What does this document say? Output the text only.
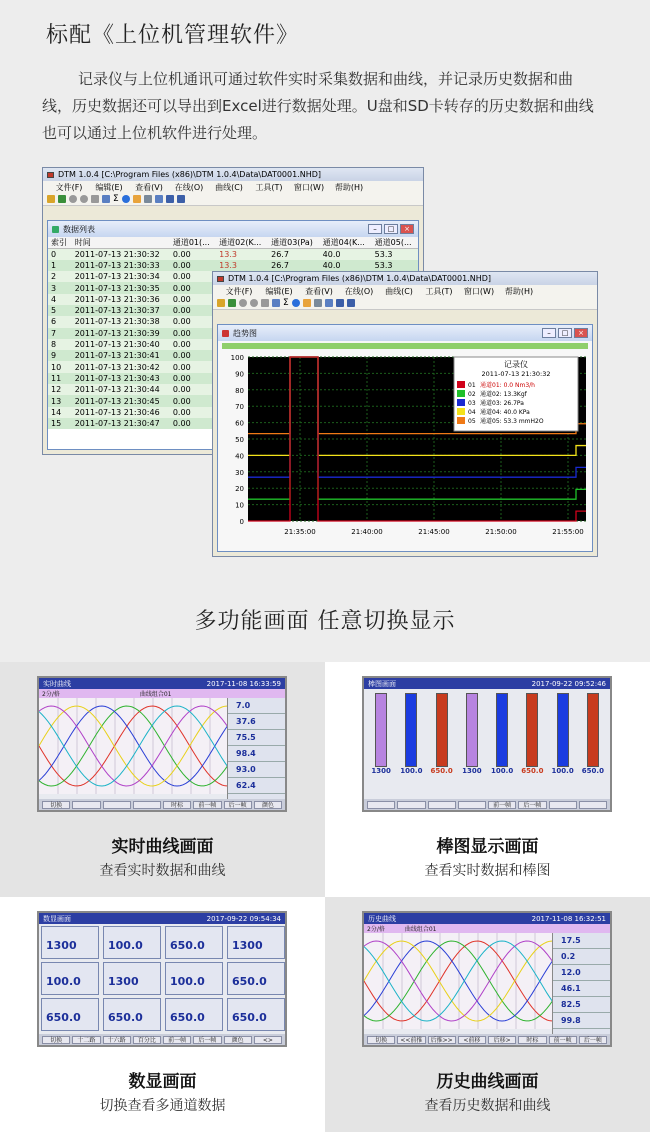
标配《上位机管理软件》
记录仪与上位机通讯可通过软件实时采集数据和曲线，并记录历史数据和曲线，历史数据还可以导出到Excel进行数据处理。U盘和SD卡转存的历史数据和曲线也可以通过上位机软件进行处理。
DTM 1.0.4 [C:\Program Files (x86)\DTM 1.0.4\Data\DAT0001.NHD]
文件(F)	编辑(E)	查看(V)	在线(O)	曲线(C)	工具(T)	窗口(W)	帮助(H)
Σ
数据列表	–	□	×
索引	时间	通道01(...	通道02(K...	通道03(Pa)	通道04(K...	通道05(...
0	2011-07-13 21:30:32	0.00	13.3	26.7	40.0	53.3
1	2011-07-13 21:30:33	0.00	13.3	26.7	40.0	53.3
2	2011-07-13 21:30:34	0.00				
3	2011-07-13 21:30:35	0.00				
4	2011-07-13 21:30:36	0.00				
5	2011-07-13 21:30:37	0.00				
6	2011-07-13 21:30:38	0.00				
7	2011-07-13 21:30:39	0.00				
8	2011-07-13 21:30:40	0.00				
9	2011-07-13 21:30:41	0.00				
10	2011-07-13 21:30:42	0.00				
11	2011-07-13 21:30:43	0.00				
12	2011-07-13 21:30:44	0.00				
13	2011-07-13 21:30:45	0.00				
14	2011-07-13 21:30:46	0.00				
15	2011-07-13 21:30:47	0.00				
DTM 1.0.4 [C:\Program Files (x86)\DTM 1.0.4\Data\DAT0001.NHD]
文件(F)	编辑(E)	查看(V)	在线(O)	曲线(C)	工具(T)	窗口(W)	帮助(H)
Σ
趋势图	–	□	×
0
10
20
30
40
50
60
70
80
90
100
21:35:00	21:40:00	21:45:00	21:50:00	21:55:00
记录仪
2011-07-13 21:30:32
01 通道01: 0.0 Nm3/h
02 通道02: 13.3Kgf
03 通道03: 26.7Pa
04 通道04: 40.0 KPa
05 通道05: 53.3 mmH2O
多功能画面 任意切换显示
实时曲线	2017-11-08 16:33:59
2分/格	曲线组合01
7.0
37.6
75.5
98.4
93.0
62.4
切换	时标	前一帧	后一帧	颜色
实时曲线画面
查看实时数据和曲线
棒图画面	2017-09-22 09:52:46
1300 100.0 650.0 1300 100.0 650.0 100.0 650.0
前一帧	后一帧
棒图显示画面
查看实时数据和棒图
数显画面	2017-09-22 09:54:34
1300	100.0	650.0	1300
100.0	1300	100.0	650.0
650.0	650.0	650.0	650.0
切换	十二路	十六路	百分比	前一帧	后一帧	颜色	<>
数显画面
切换查看多通道数据
历史曲线	2017-11-08 16:32:51
2分/格	曲线组合01
17.5
0.2
12.0
46.1
82.5
99.8
切换	<<前推	后推>>	<前移	后移>	时标	前一帧	后一帧
历史曲线画面
查看历史数据和曲线
